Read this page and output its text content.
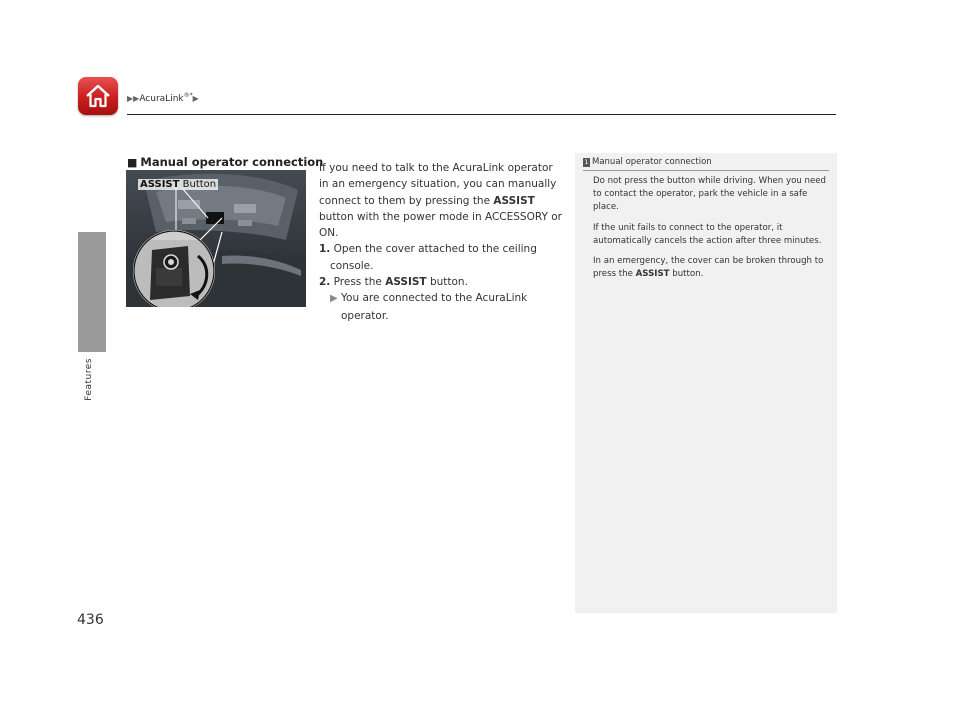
▶▶AcuraLink®*▶
Features
436
■ Manual operator connection
ASSIST Button

If you need to talk to the AcuraLink operator in an emergency situation, you can manually connect to them by pressing the ASSIST button with the power mode in ACCESSORY or ON.

1. Open the cover attached to the ceiling console.

2. Press the ASSIST button.

▶ You are connected to the AcuraLink operator.

1 Manual operator connection

Do not press the button while driving. When you need to contact the operator, park the vehicle in a safe place.

If the unit fails to connect to the operator, it automatically cancels the action after three minutes.

In an emergency, the cover can be broken through to press the ASSIST button.
